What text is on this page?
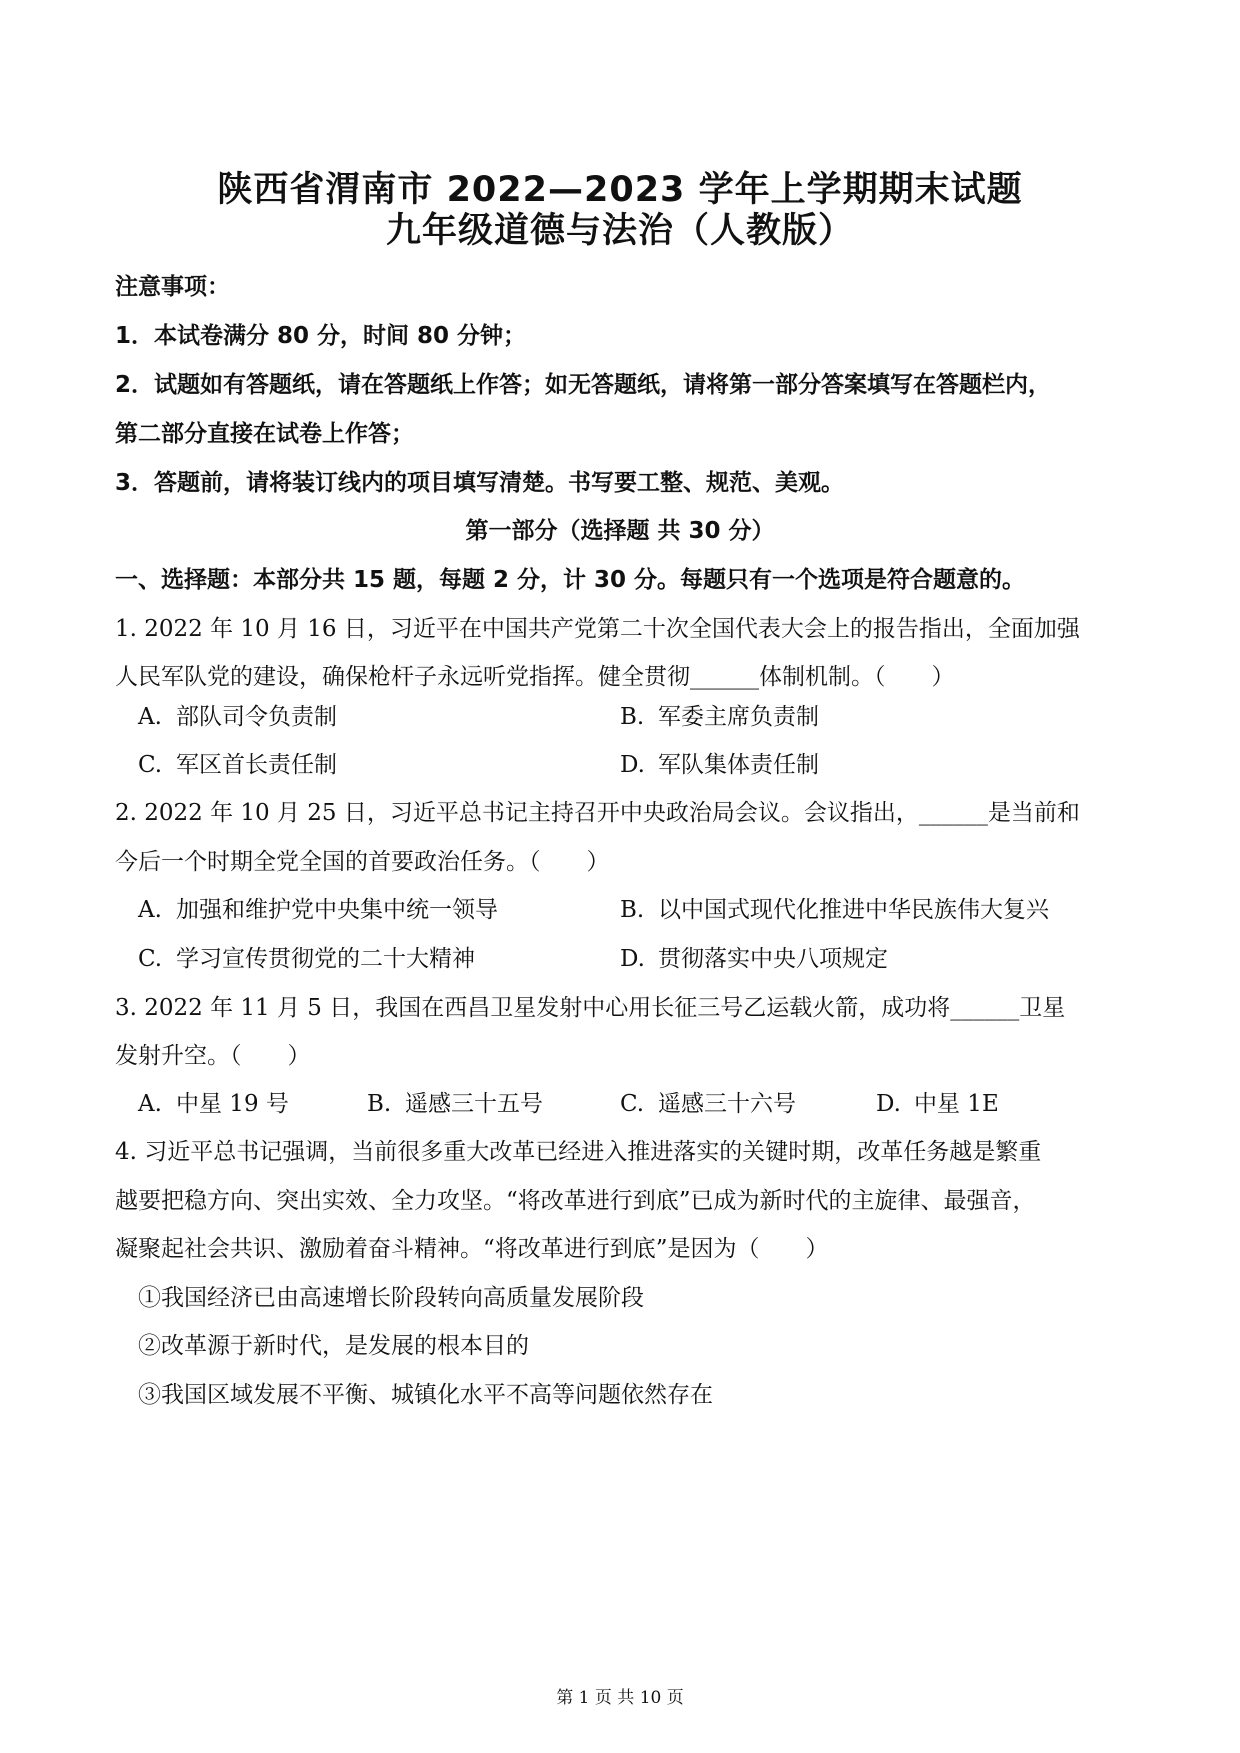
陕西省渭南市 2022—2023 学年上学期期末试题
九年级道德与法治（人教版）
注意事项：
1．本试卷满分 80 分，时间 80 分钟；
2．试题如有答题纸，请在答题纸上作答；如无答题纸，请将第一部分答案填写在答题栏内，
第二部分直接在试卷上作答；
3．答题前，请将装订线内的项目填写清楚。书写要工整、规范、美观。
第一部分（选择题 共 30 分）
一、选择题：本部分共 15 题，每题 2 分，计 30 分。每题只有一个选项是符合题意的。
1. 2022 年 10 月 16 日，习近平在中国共产党第二十次全国代表大会上的报告指出，全面加强
人民军队党的建设，确保枪杆子永远听党指挥。健全贯彻______体制机制。（　　）
A. 部队司令负责制	B. 军委主席负责制
C. 军区首长责任制	D. 军队集体责任制
2. 2022 年 10 月 25 日，习近平总书记主持召开中央政治局会议。会议指出，______是当前和
今后一个时期全党全国的首要政治任务。（　　）
A. 加强和维护党中央集中统一领导	B. 以中国式现代化推进中华民族伟大复兴
C. 学习宣传贯彻党的二十大精神	D. 贯彻落实中央八项规定
3. 2022 年 11 月 5 日，我国在西昌卫星发射中心用长征三号乙运载火箭，成功将______卫星
发射升空。（　　）
A. 中星 19 号	B. 遥感三十五号	C. 遥感三十六号	D. 中星 1E
4. 习近平总书记强调，当前很多重大改革已经进入推进落实的关键时期，改革任务越是繁重
越要把稳方向、突出实效、全力攻坚。“将改革进行到底”已成为新时代的主旋律、最强音，
凝聚起社会共识、激励着奋斗精神。“将改革进行到底”是因为（　　）
①我国经济已由高速增长阶段转向高质量发展阶段
②改革源于新时代，是发展的根本目的
③我国区域发展不平衡、城镇化水平不高等问题依然存在
第 1 页 共 10 页
